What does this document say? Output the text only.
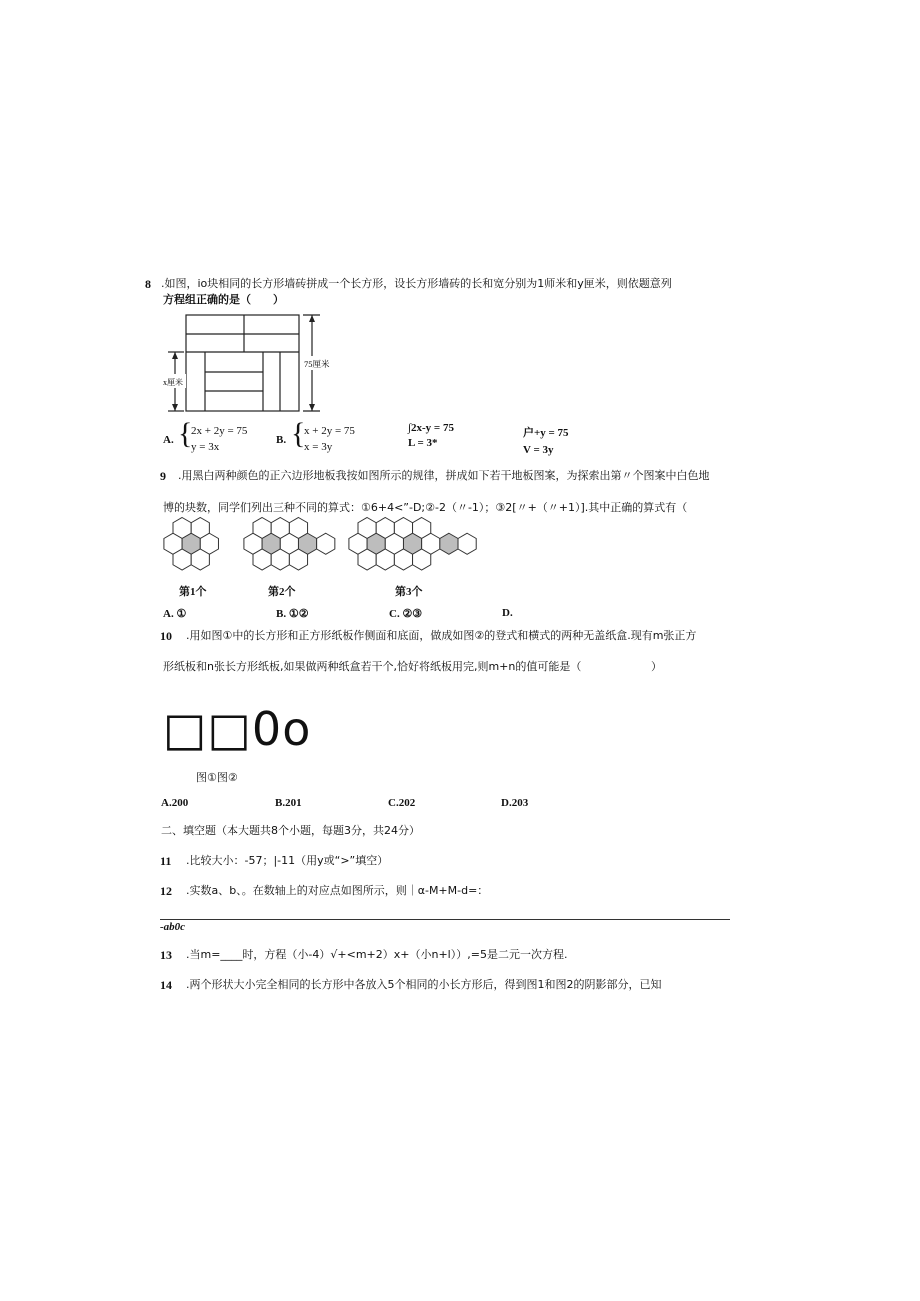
8 .如图，io块相同的长方形墙砖拼成一个长方形，设长方形墙砖的长和宽分别为1师米和y匣米，则依题意列
方程组正确的是（　　）
75厘米
x厘米
A. {
2x + 2y = 75
y = 3x
B. {
x + 2y = 75
x = 3y
∫2x-y = 75
L = 3*
户+y = 75
V = 3y
9 .用黑白两种颜色的正六边形地板我按如图所示的规律，拼成如下若干地板图案，为探索出第〃个图案中白色地
博的块数，同学们列出三种不同的算式：①6+4<”-D;②-2（〃-1）；③2[〃+（〃+1）].其中正确的算式有（
第1个	第2个	第3个
A. ①	B. ①②	C. ②③	D.
10 .用如图①中的长方形和正方形纸板作侧面和底面，做成如图②的登式和横式的两种无盖纸盒.现有m张正方
形纸板和n张长方形纸板,如果做两种纸盒若干个,恰好将纸板用完,则m+n的值可能是（	）
□□0o
图①图②
A.200	B.201	C.202	D.203
二、填空题（本大题共8个小题，每题3分，共24分）
11 .比较大小：-57；|-11（用y或“>”填空）
12 .实数a、b、。在数轴上的对应点如图所示，则｜α-M+M-d=：
-ab0c
13 .当m=____时，方程（小-4）√+<m+2）x+（小n+l））,=5是二元一次方程.
14 .两个形状大小完全相同的长方形中各放入5个相同的小长方形后，得到图1和图2的阴影部分，已知
